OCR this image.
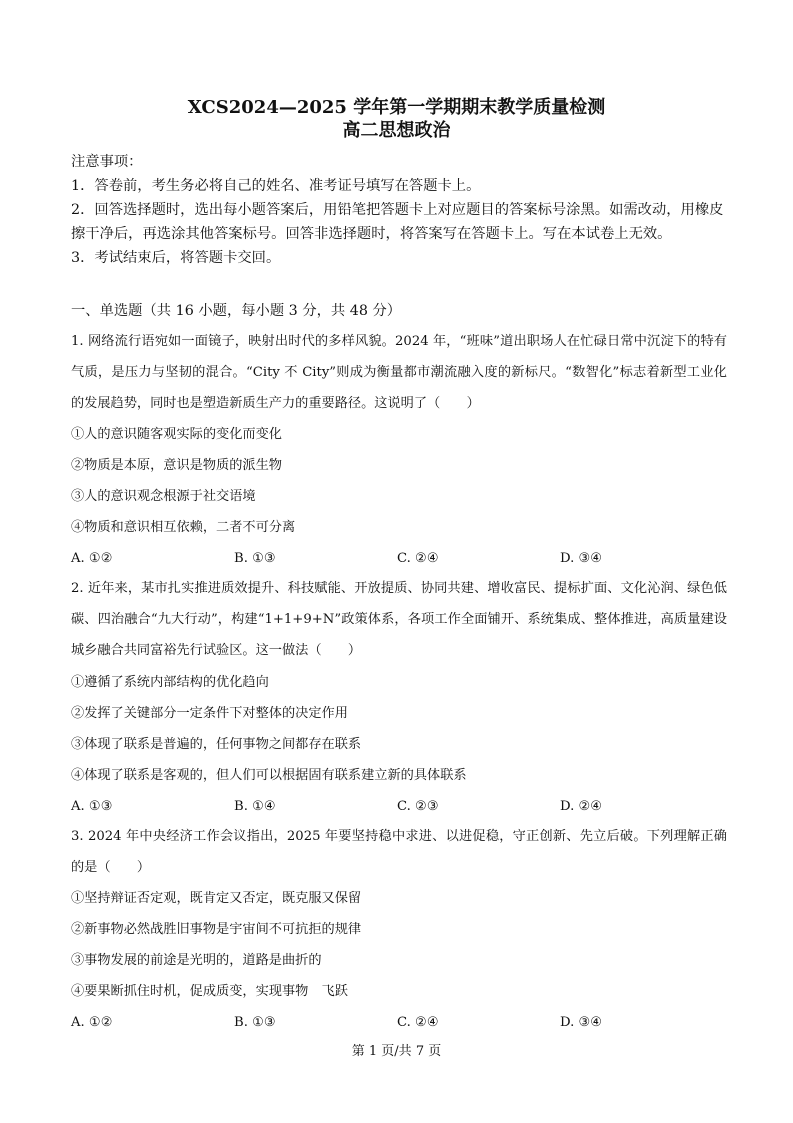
XCS2024—2025 学年第一学期期末教学质量检测
高二思想政治

注意事项：

1．答卷前，考生务必将自己的姓名、准考证号填写在答题卡上。

2．回答选择题时，选出每小题答案后，用铅笔把答题卡上对应题目的答案标号涂黑。如需改动，用橡皮擦干净后，再选涂其他答案标号。回答非选择题时，将答案写在答题卡上。写在本试卷上无效。

3．考试结束后，将答题卡交回。

一、单选题（共 16 小题，每小题 3 分，共 48 分）

1. 网络流行语宛如一面镜子，映射出时代的多样风貌。2024 年，“班味”道出职场人在忙碌日常中沉淀下的特有气质，是压力与坚韧的混合。“City 不 City”则成为衡量都市潮流融入度的新标尺。“数智化”标志着新型工业化的发展趋势，同时也是塑造新质生产力的重要路径。这说明了（　　）

①人的意识随客观实际的变化而变化

②物质是本原，意识是物质的派生物

③人的意识观念根源于社交语境

④物质和意识相互依赖，二者不可分离

A. ①②	B. ①③	C. ②④	D. ③④

2. 近年来，某市扎实推进质效提升、科技赋能、开放提质、协同共建、增收富民、提标扩面、文化沁润、绿色低碳、四治融合“九大行动”，构建“1+1+9+N”政策体系，各项工作全面铺开、系统集成、整体推进，高质量建设城乡融合共同富裕先行试验区。这一做法（　　）

①遵循了系统内部结构的优化趋向

②发挥了关键部分一定条件下对整体的决定作用

③体现了联系是普遍的，任何事物之间都存在联系

④体现了联系是客观的，但人们可以根据固有联系建立新的具体联系

A. ①③	B. ①④	C. ②③	D. ②④

3. 2024 年中央经济工作会议指出，2025 年要坚持稳中求进、以进促稳，守正创新、先立后破。下列理解正确的是（　　）

①坚持辩证否定观，既肯定又否定，既克服又保留

②新事物必然战胜旧事物是宇宙间不可抗拒的规律

③事物发展的前途是光明的，道路是曲折的

④要果断抓住时机，促成质变，实现事物　飞跃

A. ①②	B. ①③	C. ②④	D. ③④
第 1 页/共 7 页
